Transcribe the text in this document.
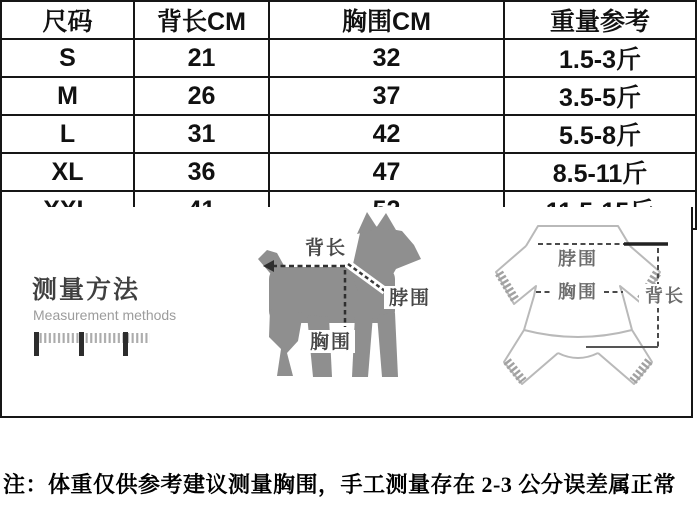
尺码	背长CM	胸围CM	重量参考
S	21	32	1.5-3斤
M	26	37	3.5-5斤
L	31	42	5.5-8斤
XL	36	47	8.5-11斤

测量方法
Measurement methods
背长
脖围
胸围
脖围
胸围	背长
注：体重仅供参考建议测量胸围，手工测量存在 2-3 公分误差属正常
